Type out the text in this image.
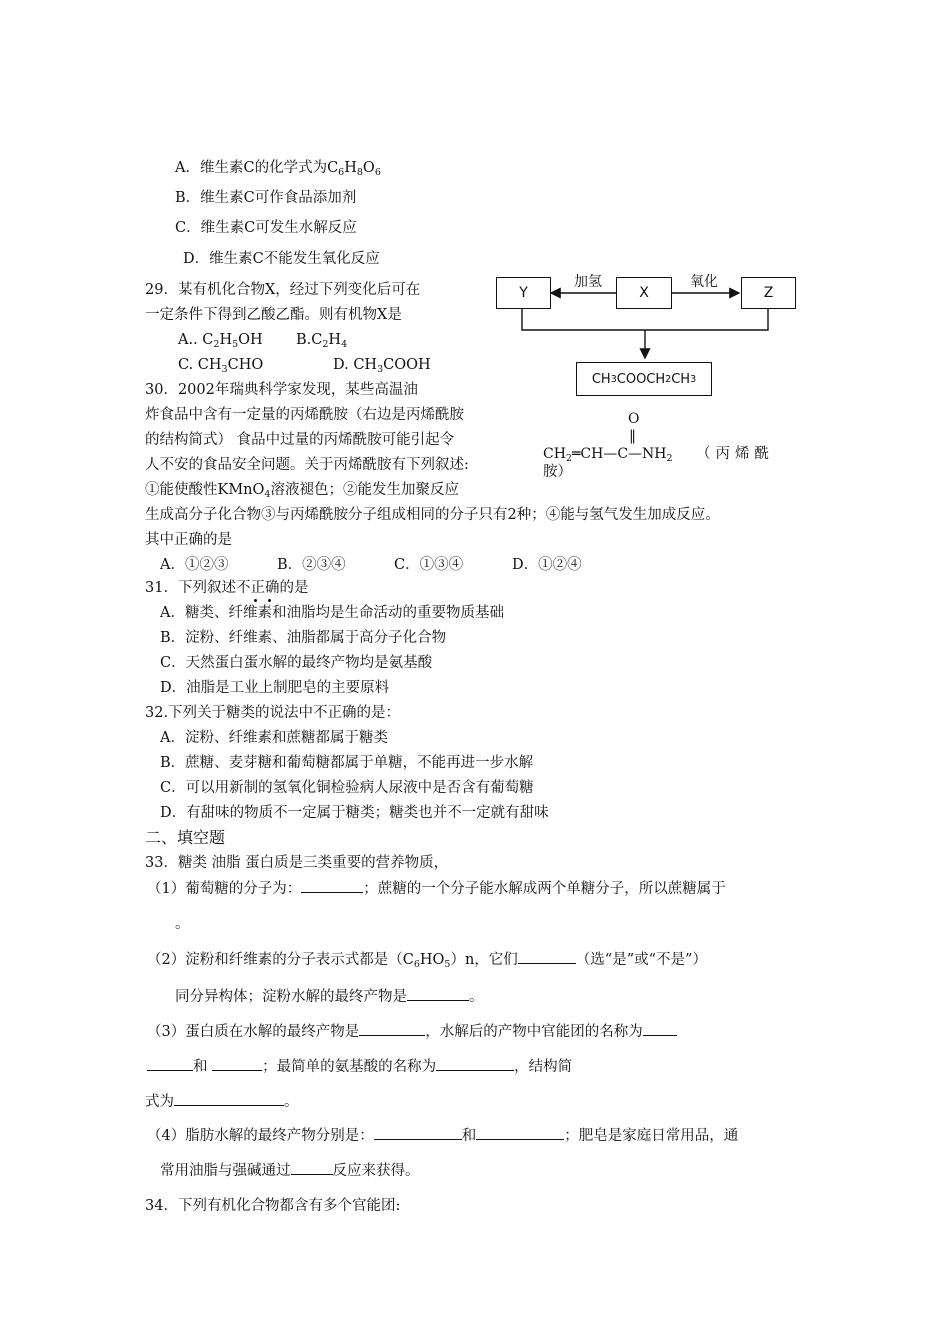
A．维生素C的化学式为$C_6H_8O_6$
B．维生素C可作食品添加剂
C．维生素C可发生水解反应
D．维生素C不能发生氧化反应
29．某有机化合物X，经过下列变化后可在
一定条件下得到乙酸乙酯。则有机物X是
A.. $C_2H_5OH$ $B.C_2H_4$
C. $CH_3CHO$	D. $CH_3COOH$
Y	X	Z
加氢	氧化
CH 3 COOCH 2 CH 3
30．2002年瑞典科学家发现，某些高温油
炸食品中含有一定量的丙烯酰胺（右边是丙烯酰胺
的结构简式） 食品中过量的丙烯酰胺可能引起令
人不安的食品安全问题。关于丙烯酰胺有下列叙述:
①能使酸性KMnO$_4$溶液褪色；②能发生加聚反应
生成高分子化合物③与丙烯酰胺分子组成相同的分子只有2种；④能与氢气发生加成反应。
其中正确的是
A．①②③	B．②③④	C．①③④	D．①②④
O
‖
$CH_2═CH—C—NH_2$ （丙烯酰
胺）
31．下列叙述不正确的是
A．糖类、纤维素和油脂均是生命活动的重要物质基础
B．淀粉、纤维素、油脂都属于高分子化合物
C．天然蛋白蛋水解的最终产物均是氨基酸
D．油脂是工业上制肥皂的主要原料
32.下列关于糖类的说法中不正确的是：
A．淀粉、纤维素和蔗糖都属于糖类
B．蔗糖、麦芽糖和葡萄糖都属于单糖，不能再进一步水解
C．可以用新制的氢氧化铜检验病人尿液中是否含有葡萄糖
D．有甜味的物质不一定属于糖类；糖类也并不一定就有甜味
二、填空题
33．糖类 油脂 蛋白质是三类重要的营养物质，
（1）葡萄糖的分子为：	；蔗糖的一个分子能水解成两个单糖分子，所以蔗糖属于
。
（2）淀粉和纤维素的分子表示式都是$(C_6HO_5)n$，它们	（选“是”或“不是”）
同分异构体；淀粉水解的最终产物是	。
（3）蛋白质在水解的最终产物是	，水解后的产物中官能团的名称为
和	；最简单的氨基酸的名称为	，结构简
式为	。
（4）脂肪水解的最终产物分别是：	和	；肥皂是家庭日常用品，通
常用油脂与强碱通过	反应来获得。
34．下列有机化合物都含有多个官能团:
